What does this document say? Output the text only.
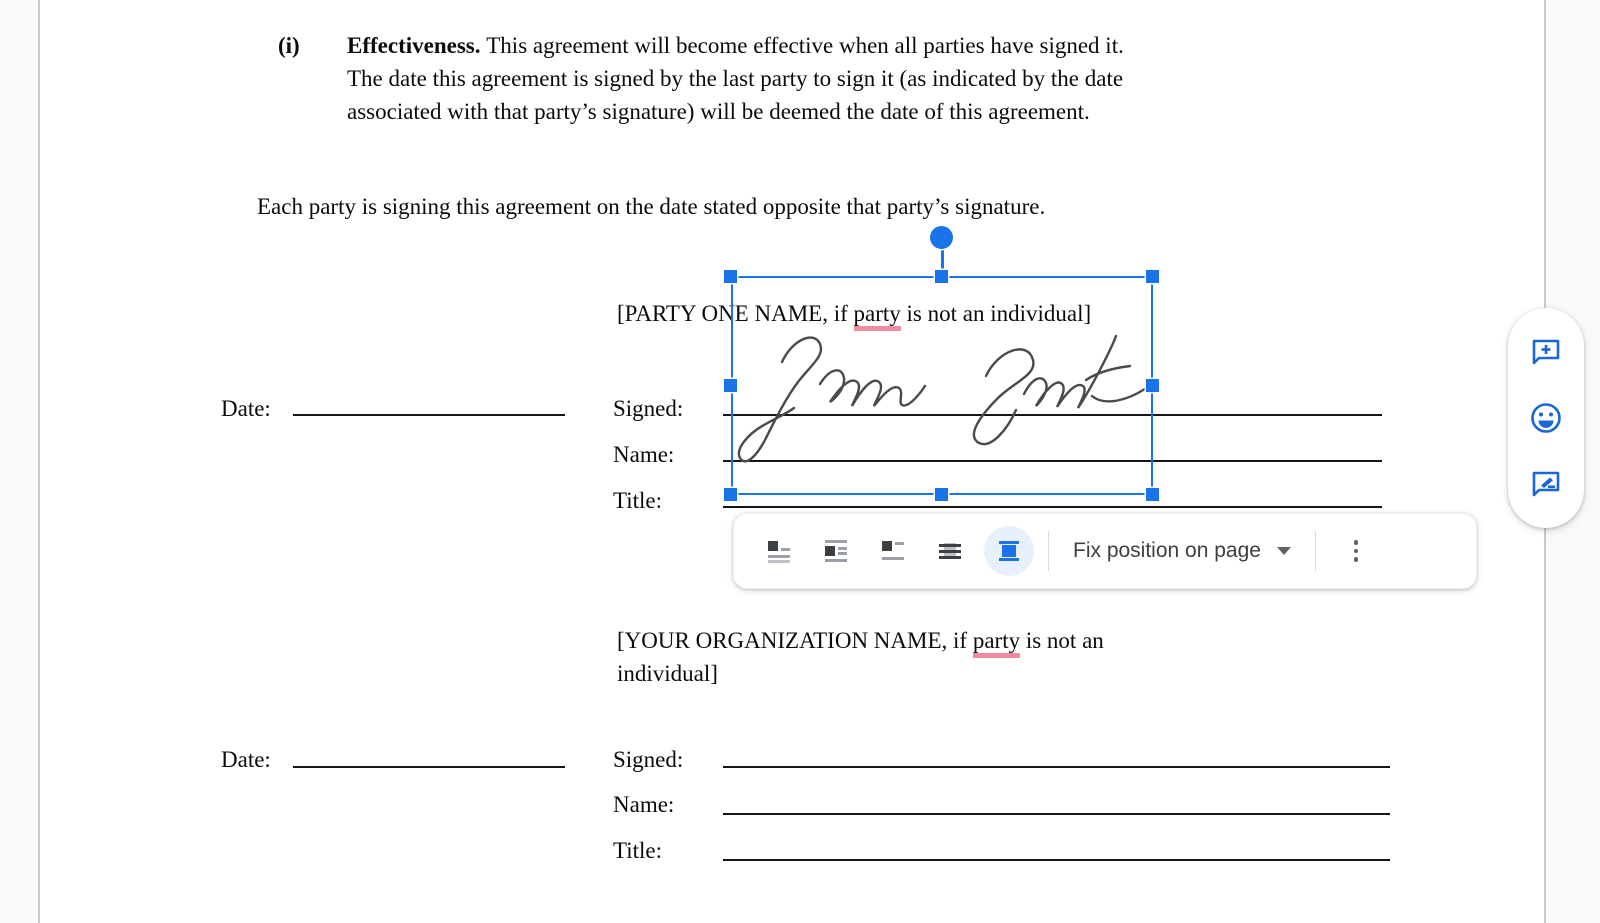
(i) Effectiveness. This agreement will become effective when all parties have signed it.
The date this agreement is signed by the last party to sign it (as indicated by the date
associated with that party’s signature) will be deemed the date of this agreement.
Each party is signing this agreement on the date stated opposite that party’s signature.
[PARTY ONE NAME, if party is not an individual]
Date:	Signed:
Name:
Title:
Fix position on page
[YOUR ORGANIZATION NAME, if party is not an
individual]
Date:	Signed:
Name:
Title:
